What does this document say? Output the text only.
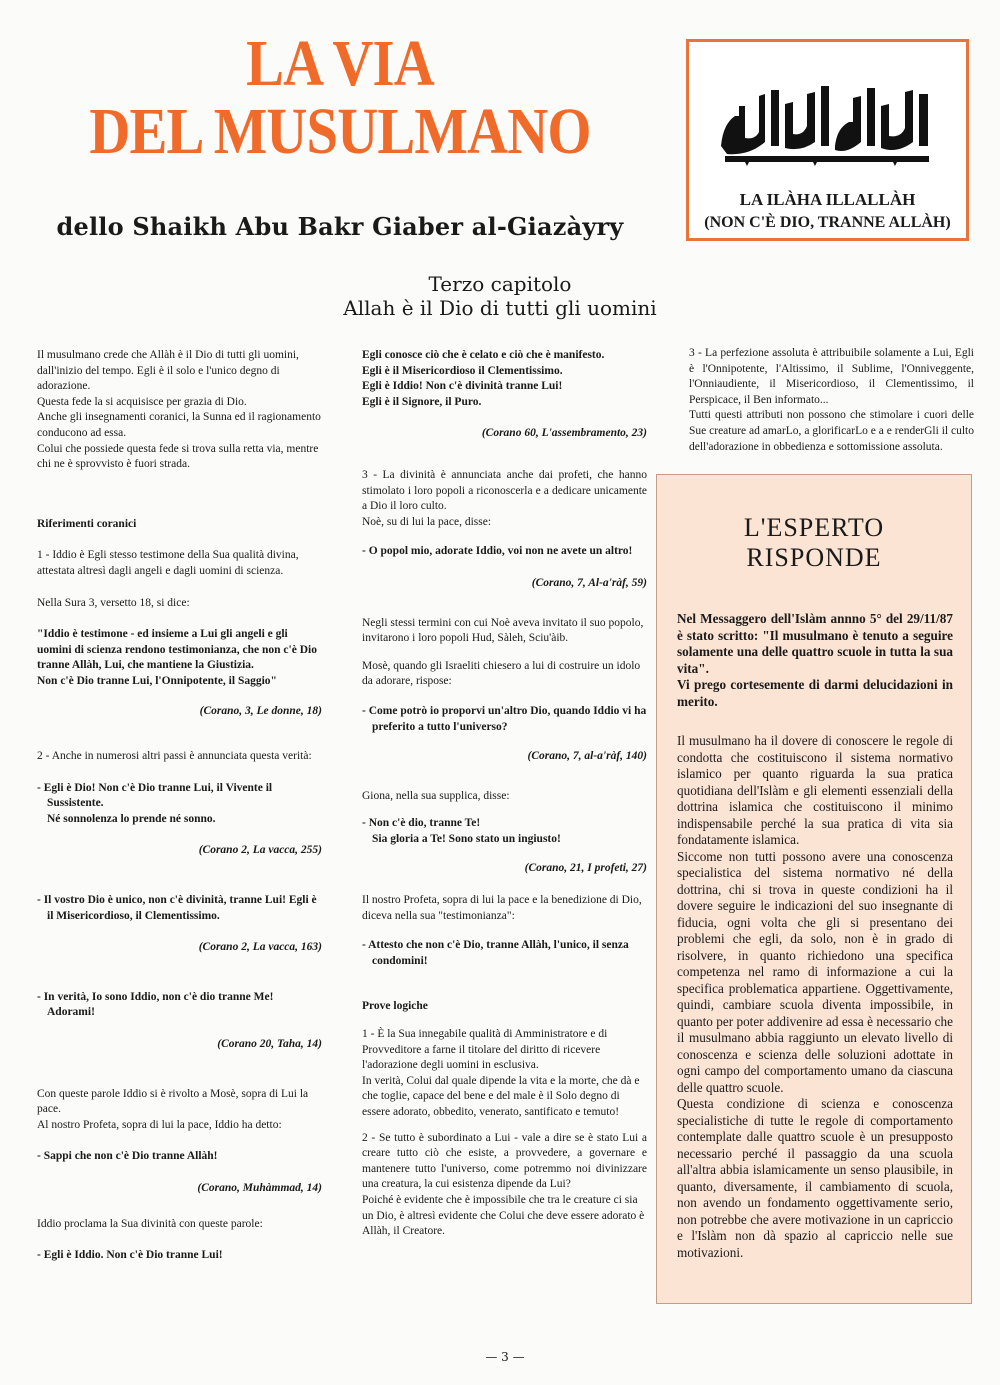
LA VIA
DEL MUSULMANO
dello Shaikh Abu Bakr Giaber al-Giazàyry
LA ILÀHA ILLALLÀH
(NON C'È DIO, TRANNE ALLÀH)
Terzo capitolo
Allah è il Dio di tutti gli uomini

Il musulmano crede che Allàh è il Dio di tutti gli uomini, dall'inizio del tempo. Egli è il solo e l'unico degno di adorazione.

Questa fede la si acquisisce per grazia di Dio.

Anche gli insegnamenti coranici, la Sunna ed il ragionamento conducono ad essa.

Colui che possiede questa fede si trova sulla retta via, mentre chi ne è sprovvisto è fuori strada.

Riferimenti coranici

1 - Iddio è Egli stesso testimone della Sua qualità divina, attestata altresì dagli angeli e dagli uomini di scienza.

Nella Sura 3, versetto 18, si dice:

"Iddio è testimone - ed insieme a Lui gli angeli e gli uomini di scienza rendono testimonianza, che non c'è Dio tranne Allàh, Lui, che mantiene la Giustizia.

Non c'è Dio tranne Lui, l'Onnipotente, il Saggio"

(Corano, 3, Le donne, 18)

2 - Anche in numerosi altri passi è annunciata questa verità:

- Egli è Dio! Non c'è Dio tranne Lui, il Vivente il Sussistente.

Né sonnolenza lo prende né sonno.

(Corano 2, La vacca, 255)

- Il vostro Dio è unico, non c'è divinità, tranne Lui! Egli è il Misericordioso, il Clementissimo.

(Corano 2, La vacca, 163)

- In verità, Io sono Iddio, non c'è dio tranne Me! Adorami!

(Corano 20, Taha, 14)

Con queste parole Iddio si è rivolto a Mosè, sopra di Lui la pace.

Al nostro Profeta, sopra di lui la pace, Iddio ha detto:

- Sappi che non c'è Dio tranne Allàh!

(Corano, Muhàmmad, 14)

Iddio proclama la Sua divinità con queste parole:

- Egli è Iddio. Non c'è Dio tranne Lui!

Egli conosce ciò che è celato e ciò che è manifesto.

Egli è il Misericordioso il Clementissimo.

Egli è Iddio! Non c'è divinità tranne Lui!

Egli è il Signore, il Puro.

(Corano 60, L'assembramento, 23)

3 - La divinità è annunciata anche dai profeti, che hanno stimolato i loro popoli a riconoscerla e a dedicare unicamente a Dio il loro culto.

Noè, su di lui la pace, disse:

- O popol mio, adorate Iddio, voi non ne avete un altro!

(Corano, 7, Al-a'ràf, 59)

Negli stessi termini con cui Noè aveva invitato il suo popolo, invitarono i loro popoli Hud, Sàleh, Sciu'àib.

Mosè, quando gli Israeliti chiesero a lui di costruire un idolo da adorare, rispose:

- Come potrò io proporvi un'altro Dio, quando Iddio vi ha preferito a tutto l'universo?

(Corano, 7, al-a'ràf, 140)

Giona, nella sua supplica, disse:

- Non c'è dio, tranne Te!

Sia gloria a Te! Sono stato un ingiusto!

(Corano, 21, I profeti, 27)

Il nostro Profeta, sopra di lui la pace e la benedizione di Dio, diceva nella sua "testimonianza":

- Attesto che non c'è Dio, tranne Allàh, l'unico, il senza condomini!

Prove logiche

1 - È la Sua innegabile qualità di Amministratore e di Provveditore a farne il titolare del diritto di ricevere l'adorazione degli uomini in esclusiva.

In verità, Colui dal quale dipende la vita e la morte, che dà e che toglie, capace del bene e del male è il Solo degno di essere adorato, obbedito, venerato, santificato e temuto!

2 - Se tutto è subordinato a Lui - vale a dire se è stato Lui a creare tutto ciò che esiste, a provvedere, a governare e mantenere tutto l'universo, come potremmo noi divinizzare una creatura, la cui esistenza dipende da Lui?

Poiché è evidente che è impossibile che tra le creature ci sia un Dio, è altresì evidente che Colui che deve essere adorato è Allàh, il Creatore.

3 - La perfezione assoluta è attribuibile solamente a Lui, Egli è l'Onnipotente, l'Altissimo, il Sublime, l'Onniveggente, l'Onniaudiente, il Misericordioso, il Clementissimo, il Perspicace, il Ben informato...

Tutti questi attributi non possono che stimolare i cuori delle Sue creature ad amarLo, a glorificarLo e a e renderGli il culto dell'adorazione in obbedienza e sottomissione assoluta.

L'ESPERTO
RISPONDE

Nel Messaggero dell'Islàm annno 5° del 29/11/87 è stato scritto: "Il musulmano è tenuto a seguire solamente una delle quattro scuole in tutta la sua vita".

Vi prego cortesemente di darmi delucidazioni in merito.

Il musulmano ha il dovere di conoscere le regole di condotta che costituiscono il sistema normativo islamico per quanto riguarda la sua pratica quotidiana dell'Islàm e gli elementi essenziali della dottrina islamica che costituiscono il minimo indispensabile perché la sua pratica di vita sia fondatamente islamica.

Siccome non tutti possono avere una conoscenza specialistica del sistema normativo né della dottrina, chi si trova in queste condizioni ha il dovere seguire le indicazioni del suo insegnante di fiducia, ogni volta che gli si presentano dei problemi che egli, da solo, non è in grado di risolvere, in quanto richiedono una specifica competenza nel ramo di informazione a cui la specifica problematica appartiene. Oggettivamente, quindi, cambiare scuola diventa impossibile, in quanto per poter addivenire ad essa è necessario che il musulmano abbia raggiunto un elevato livello di conoscenza e scienza delle soluzioni adottate in ogni campo del comportamento umano da ciascuna delle quattro scuole.

Questa condizione di scienza e conoscenza specialistiche di tutte le regole di comportamento contemplate dalle quattro scuole è un presupposto necessario perché il passaggio da una scuola all'altra abbia islamicamente un senso plausibile, in quanto, diversamente, il cambiamento di scuola, non avendo un fondamento oggettivamente serio, non potrebbe che avere motivazione in un capriccio e l'Islàm non dà spazio al capriccio nelle sue motivazioni.

— 3 —
